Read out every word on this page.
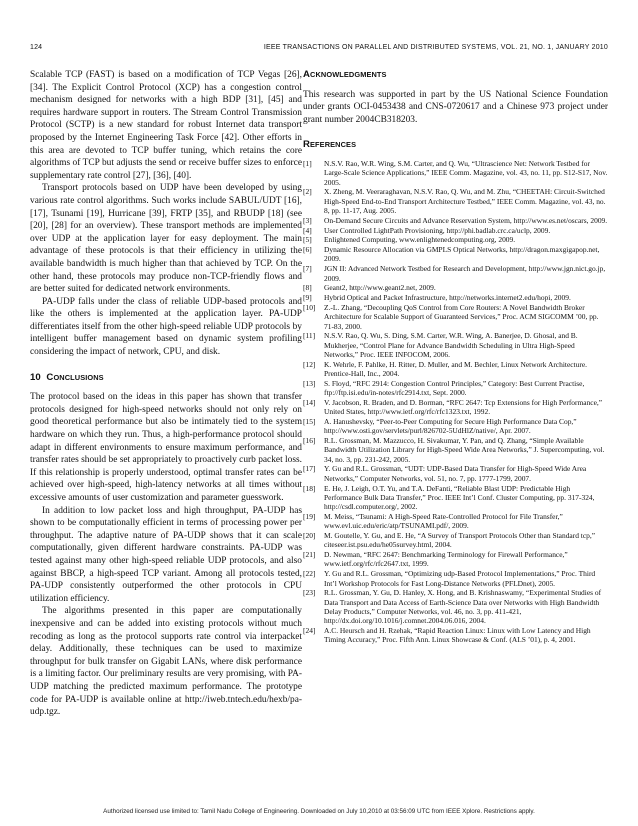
124	IEEE TRANSACTIONS ON PARALLEL AND DISTRIBUTED SYSTEMS, VOL. 21, NO. 1, JANUARY 2010

Scalable TCP (FAST) is based on a modification of TCP Vegas [26], [34]. The Explicit Control Protocol (XCP) has a congestion control mechanism designed for networks with a high BDP [31], [45] and requires hardware support in routers. The Stream Control Transmission Protocol (SCTP) is a new standard for robust Internet data transport proposed by the Internet Engineering Task Force [42]. Other efforts in this area are devoted to TCP buffer tuning, which retains the core algorithms of TCP but adjusts the send or receive buffer sizes to enforce supplementary rate control [27], [36], [40].

Transport protocols based on UDP have been developed by using various rate control algorithms. Such works include SABUL/UDT [16], [17], Tsunami [19], Hurricane [39], FRTP [35], and RBUDP [18] (see [20], [28] for an overview). These transport methods are implemented over UDP at the application layer for easy deployment. The main advantage of these protocols is that their efficiency in utilizing the available bandwidth is much higher than that achieved by TCP. On the other hand, these protocols may produce non-TCP-friendly flows and are better suited for dedicated network environments.

PA-UDP falls under the class of reliable UDP-based protocols and like the others is implemented at the application layer. PA-UDP differentiates itself from the other high-speed reliable UDP protocols by intelligent buffer management based on dynamic system profiling considering the impact of network, CPU, and disk.

10 CONCLUSIONS

The protocol based on the ideas in this paper has shown that transfer protocols designed for high-speed networks should not only rely on good theoretical performance but also be intimately tied to the system hardware on which they run. Thus, a high-performance protocol should adapt in different environments to ensure maximum performance, and transfer rates should be set appropriately to proactively curb packet loss. If this relationship is properly understood, optimal transfer rates can be achieved over high-speed, high-latency networks at all times without excessive amounts of user customization and parameter guesswork.

In addition to low packet loss and high throughput, PA-UDP has shown to be computationally efficient in terms of processing power per throughput. The adaptive nature of PA-UDP shows that it can scale computationally, given different hardware constraints. PA-UDP was tested against many other high-speed reliable UDP protocols, and also against BBCP, a high-speed TCP variant. Among all protocols tested, PA-UDP consistently outperformed the other protocols in CPU utilization efficiency.

The algorithms presented in this paper are computationally inexpensive and can be added into existing protocols without much recoding as long as the protocol supports rate control via interpacket delay. Additionally, these techniques can be used to maximize throughput for bulk transfer on Gigabit LANs, where disk performance is a limiting factor. Our preliminary results are very promising, with PA-UDP matching the predicted maximum performance. The prototype code for PA-UDP is available online at http://iweb.tntech.edu/hexb/pa-udp.tgz.

ACKNOWLEDGMENTS

This research was supported in part by the US National Science Foundation under grants OCI-0453438 and CNS-0720617 and a Chinese 973 project under grant number 2004CB318203.

REFERENCES
[1] N.S.V. Rao, W.R. Wing, S.M. Carter, and Q. Wu, “Ultrascience Net: Network Testbed for Large-Scale Science Applications,” IEEE Comm. Magazine, vol. 43, no. 11, pp. S12-S17, Nov. 2005.
[2] X. Zheng, M. Veeraraghavan, N.S.V. Rao, Q. Wu, and M. Zhu, “CHEETAH: Circuit-Switched High-Speed End-to-End Transport Architecture Testbed,” IEEE Comm. Magazine, vol. 43, no. 8, pp. 11-17, Aug. 2005.
[3] On-Demand Secure Circuits and Advance Reservation System, http://www.es.net/oscars, 2009.
[4] User Controlled LightPath Provisioning, http://phi.badlab.crc.ca/uclp, 2009.
[5] Enlightened Computing, www.enlightenedcomputing.org, 2009.
[6] Dynamic Resource Allocation via GMPLS Optical Networks, http://dragon.maxgigapop.net, 2009.
[7] JGN II: Advanced Network Testbed for Research and Development, http://www.jgn.nict.go.jp, 2009.
[8] Geant2, http://www.geant2.net, 2009.
[9] Hybrid Optical and Packet Infrastructure, http://networks.internet2.edu/hopi, 2009.
[10] Z.-L. Zhang, “Decoupling QoS Control from Core Routers: A Novel Bandwidth Broker Architecture for Scalable Support of Guaranteed Services,” Proc. ACM SIGCOMM ’00, pp. 71-83, 2000.
[11] N.S.V. Rao, Q. Wu, S. Ding, S.M. Carter, W.R. Wing, A. Banerjee, D. Ghosal, and B. Mukherjee, “Control Plane for Advance Bandwidth Scheduling in Ultra High-Speed Networks,” Proc. IEEE INFOCOM, 2006.
[12] K. Wehrle, F. Pahlke, H. Ritter, D. Muller, and M. Bechler, Linux Network Architecture. Prentice-Hall, Inc., 2004.
[13] S. Floyd, “RFC 2914: Congestion Control Principles,” Category: Best Current Practise, ftp://ftp.isi.edu/in-notes/rfc2914.txt, Sept. 2000.
[14] V. Jacobson, R. Braden, and D. Borman, “RFC 2647: Tcp Extensions for High Performance,” United States, http://www.ietf.org/rfc/rfc1323.txt, 1992.
[15] A. Hanushevsky, “Peer-to-Peer Computing for Secure High Performance Data Cop,” http://www.osti.gov/servlets/purl/826702-5UdHlZ/native/, Apr. 2007.
[16] R.L. Grossman, M. Mazzucco, H. Sivakumar, Y. Pan, and Q. Zhang, “Simple Available Bandwidth Utilization Library for High-Speed Wide Area Networks,” J. Supercomputing, vol. 34, no. 3, pp. 231-242, 2005.
[17] Y. Gu and R.L. Grossman, “UDT: UDP-Based Data Transfer for High-Speed Wide Area Networks,” Computer Networks, vol. 51, no. 7, pp. 1777-1799, 2007.
[18] E. He, J. Leigh, O.T. Yu, and T.A. DeFanti, “Reliable Blast UDP: Predictable High Performance Bulk Data Transfer,” Proc. IEEE Int’l Conf. Cluster Computing, pp. 317-324, http://csdl.computer.org/, 2002.
[19] M. Meiss, “Tsunami: A High-Speed Rate-Controlled Protocol for File Transfer,” www.evl.uic.edu/eric/atp/TSUNAMI.pdf/, 2009.
[20] M. Goutelle, Y. Gu, and E. He, “A Survey of Transport Protocols Other than Standard tcp,” citeseer.ist.psu.edu/he05survey.html, 2004.
[21] D. Newman, “RFC 2647: Benchmarking Terminology for Firewall Performance,” www.ietf.org/rfc/rfc2647.txt, 1999.
[22] Y. Gu and R.L. Grossman, “Optimizing udp-Based Protocol Implementations,” Proc. Third Int’l Workshop Protocols for Fast Long-Distance Networks (PFLDnet), 2005.
[23] R.L. Grossman, Y. Gu, D. Hanley, X. Hong, and B. Krishnaswamy, “Experimental Studies of Data Transport and Data Access of Earth-Science Data over Networks with High Bandwidth Delay Products,” Computer Networks, vol. 46, no. 3, pp. 411-421, http://dx.doi.org/10.1016/j.comnet.2004.06.016, 2004.
[24] A.C. Heursch and H. Rzehak, “Rapid Reaction Linux: Linux with Low Latency and High Timing Accuracy,” Proc. Fifth Ann. Linux Showcase & Conf. (ALS ’01), p. 4, 2001.
Authorized licensed use limited to: Tamil Nadu College of Engineering. Downloaded on July 10,2010 at 03:56:09 UTC from IEEE Xplore. Restrictions apply.
